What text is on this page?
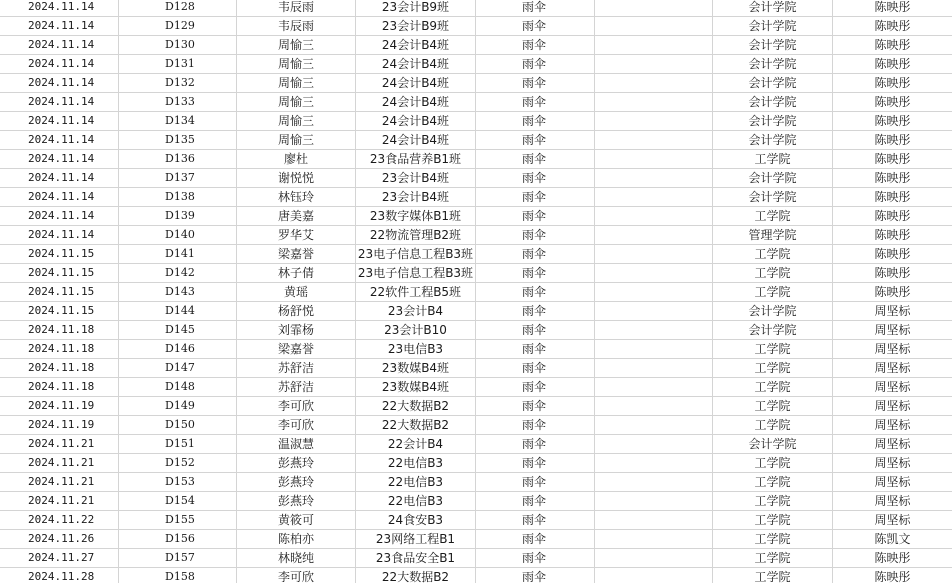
2024.11.14	D128	韦辰雨	23会计B9班	雨伞	会计学院	陈映彤
2024.11.14	D129	韦辰雨	23会计B9班	雨伞	会计学院	陈映彤
2024.11.14	D130	周愉三	24会计B4班	雨伞	会计学院	陈映彤
2024.11.14	D131	周愉三	24会计B4班	雨伞	会计学院	陈映彤
2024.11.14	D132	周愉三	24会计B4班	雨伞	会计学院	陈映彤
2024.11.14	D133	周愉三	24会计B4班	雨伞	会计学院	陈映彤
2024.11.14	D134	周愉三	24会计B4班	雨伞	会计学院	陈映彤
2024.11.14	D135	周愉三	24会计B4班	雨伞	会计学院	陈映彤
2024.11.14	D136	廖杜	23食品营养B1班	雨伞	工学院	陈映彤
2024.11.14	D137	谢悦悦	23会计B4班	雨伞	会计学院	陈映彤
2024.11.14	D138	林钰玲	23会计B4班	雨伞	会计学院	陈映彤
2024.11.14	D139	唐美嘉	23数字媒体B1班	雨伞	工学院	陈映彤
2024.11.14	D140	罗华艾	22物流管理B2班	雨伞	管理学院	陈映彤
2024.11.15	D141	梁嘉誉	23电子信息工程B3班	雨伞	工学院	陈映彤
2024.11.15	D142	林子倩	23电子信息工程B3班	雨伞	工学院	陈映彤
2024.11.15	D143	黄瑶	22软件工程B5班	雨伞	工学院	陈映彤
2024.11.15	D144	杨舒悦	23会计B4	雨伞	会计学院	周坚标
2024.11.18	D145	刘霏杨	23会计B10	雨伞	会计学院	周坚标
2024.11.18	D146	梁嘉誉	23电信B3	雨伞	工学院	周坚标
2024.11.18	D147	苏舒洁	23数媒B4班	雨伞	工学院	周坚标
2024.11.18	D148	苏舒洁	23数媒B4班	雨伞	工学院	周坚标
2024.11.19	D149	李可欣	22大数据B2	雨伞	工学院	周坚标
2024.11.19	D150	李可欣	22大数据B2	雨伞	工学院	周坚标
2024.11.21	D151	温淑慧	22会计B4	雨伞	会计学院	周坚标
2024.11.21	D152	彭燕玲	22电信B3	雨伞	工学院	周坚标
2024.11.21	D153	彭燕玲	22电信B3	雨伞	工学院	周坚标
2024.11.21	D154	彭燕玲	22电信B3	雨伞	工学院	周坚标
2024.11.22	D155	黄筱可	24食安B3	雨伞	工学院	周坚标
2024.11.26	D156	陈柏亦	23网络工程B1	雨伞	工学院	陈凯文
2024.11.27	D157	林晓纯	23食品安全B1	雨伞	工学院	陈映彤
2024.11.28	D158	李可欣	22大数据B2	雨伞	工学院	陈映彤
